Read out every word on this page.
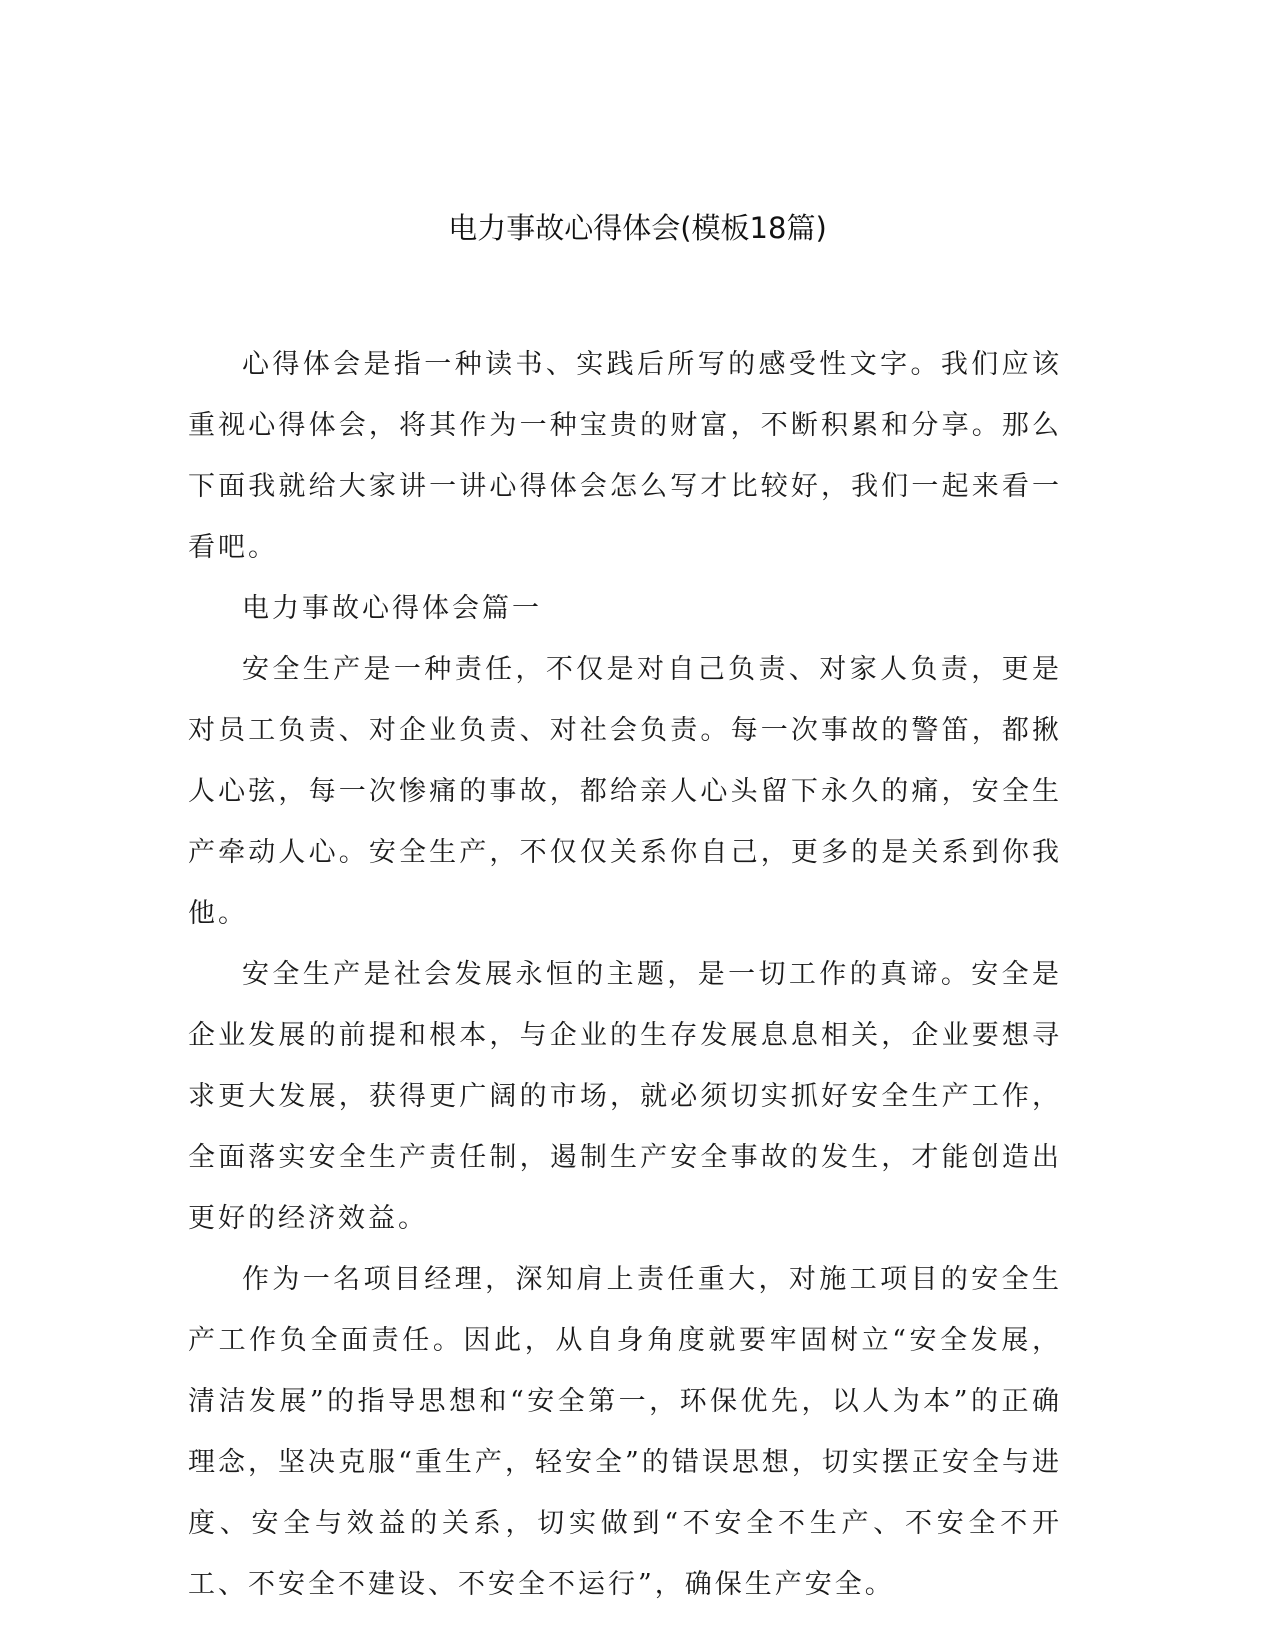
电力事故心得体会(模板18篇)

心得体会是指一种读书、实践后所写的感受性文字。我们应该重视心得体会，将其作为一种宝贵的财富，不断积累和分享。那么下面我就给大家讲一讲心得体会怎么写才比较好，我们一起来看一看吧。

电力事故心得体会篇一

安全生产是一种责任，不仅是对自己负责、对家人负责，更是对员工负责、对企业负责、对社会负责。每一次事故的警笛，都揪人心弦，每一次惨痛的事故，都给亲人心头留下永久的痛，安全生产牵动人心。安全生产，不仅仅关系你自己，更多的是关系到你我他。

安全生产是社会发展永恒的主题，是一切工作的真谛。安全是企业发展的前提和根本，与企业的生存发展息息相关，企业要想寻求更大发展，获得更广阔的市场，就必须切实抓好安全生产工作，全面落实安全生产责任制，遏制生产安全事故的发生，才能创造出更好的经济效益。

作为一名项目经理，深知肩上责任重大，对施工项目的安全生产工作负全面责任。因此，从自身角度就要牢固树立“安全发展，清洁发展”的指导思想和“安全第一，环保优先，以人为本”的正确理念，坚决克服“重生产，轻安全”的错误思想，切实摆正安全与进度、安全与效益的关系，切实做到“不安全不生产、不安全不开工、不安全不建设、不安全不运行”，确保生产安全。
